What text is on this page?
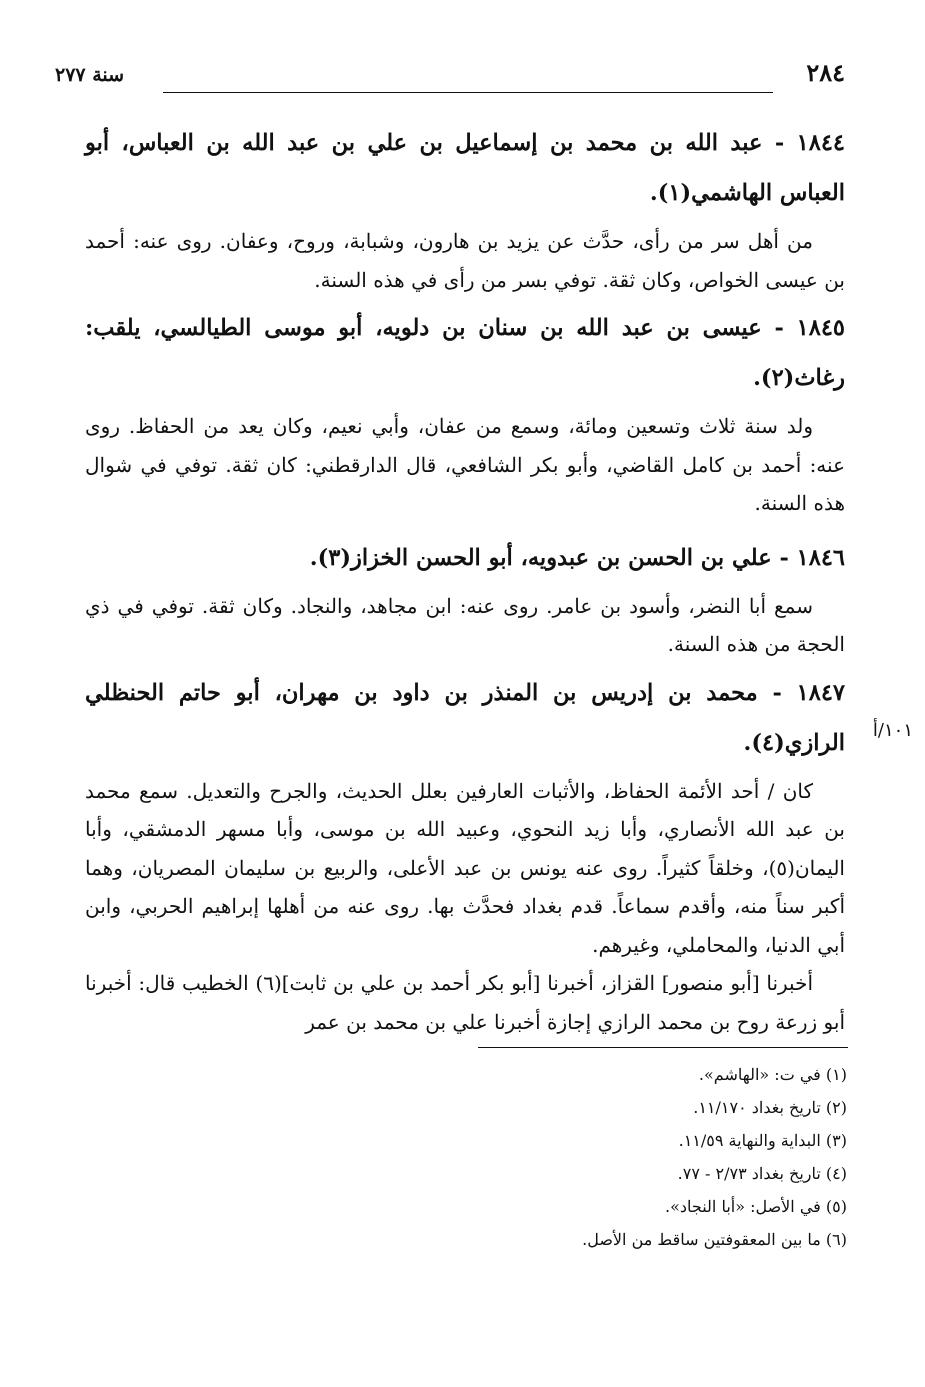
٢٨٤
سنة ٢٧٧
١٠١/أ

١٨٤٤ - عبد الله بن محمد بن إسماعيل بن علي بن عبد الله بن العباس، أبو العباس الهاشمي(١).

من أهل سر من رأى، حدَّث عن يزيد بن هارون، وشبابة، وروح، وعفان. روى عنه: أحمد بن عيسى الخواص، وكان ثقة. توفي بسر من رأى في هذه السنة.

١٨٤٥ - عيسى بن عبد الله بن سنان بن دلويه، أبو موسى الطيالسي، يلقب: رغاث(٢).

ولد سنة ثلاث وتسعين ومائة، وسمع من عفان، وأبي نعيم، وكان يعد من الحفاظ. روى عنه: أحمد بن كامل القاضي، وأبو بكر الشافعي، قال الدارقطني: كان ثقة. توفي في شوال هذه السنة.

١٨٤٦ - علي بن الحسن بن عبدويه، أبو الحسن الخزاز(٣).

سمع أبا النضر، وأسود بن عامر. روى عنه: ابن مجاهد، والنجاد. وكان ثقة. توفي في ذي الحجة من هذه السنة.

١٨٤٧ - محمد بن إدريس بن المنذر بن داود بن مهران، أبو حاتم الحنظلي الرازي(٤).

كان / أحد الأئمة الحفاظ، والأثبات العارفين بعلل الحديث، والجرح والتعديل. سمع محمد بن عبد الله الأنصاري، وأبا زيد النحوي، وعبيد الله بن موسى، وأبا مسهر الدمشقي، وأبا اليمان(٥)، وخلقاً كثيراً. روى عنه يونس بن عبد الأعلى، والربيع بن سليمان المصريان، وهما أكبر سناً منه، وأقدم سماعاً. قدم بغداد فحدَّث بها. روى عنه من أهلها إبراهيم الحربي، وابن أبي الدنيا، والمحاملي، وغيرهم.

أخبرنا [أبو منصور] القزاز، أخبرنا [أبو بكر أحمد بن علي بن ثابت](٦) الخطيب قال: أخبرنا أبو زرعة روح بن محمد الرازي إجازة أخبرنا علي بن محمد بن عمر

(١) في ت: «الهاشم».
(٢) تاريخ بغداد ١١/١٧٠.
(٣) البداية والنهاية ١١/٥٩.
(٤) تاريخ بغداد ٢/٧٣ - ٧٧.
(٥) في الأصل: «أبا النجاد».
(٦) ما بين المعقوفتين ساقط من الأصل.
